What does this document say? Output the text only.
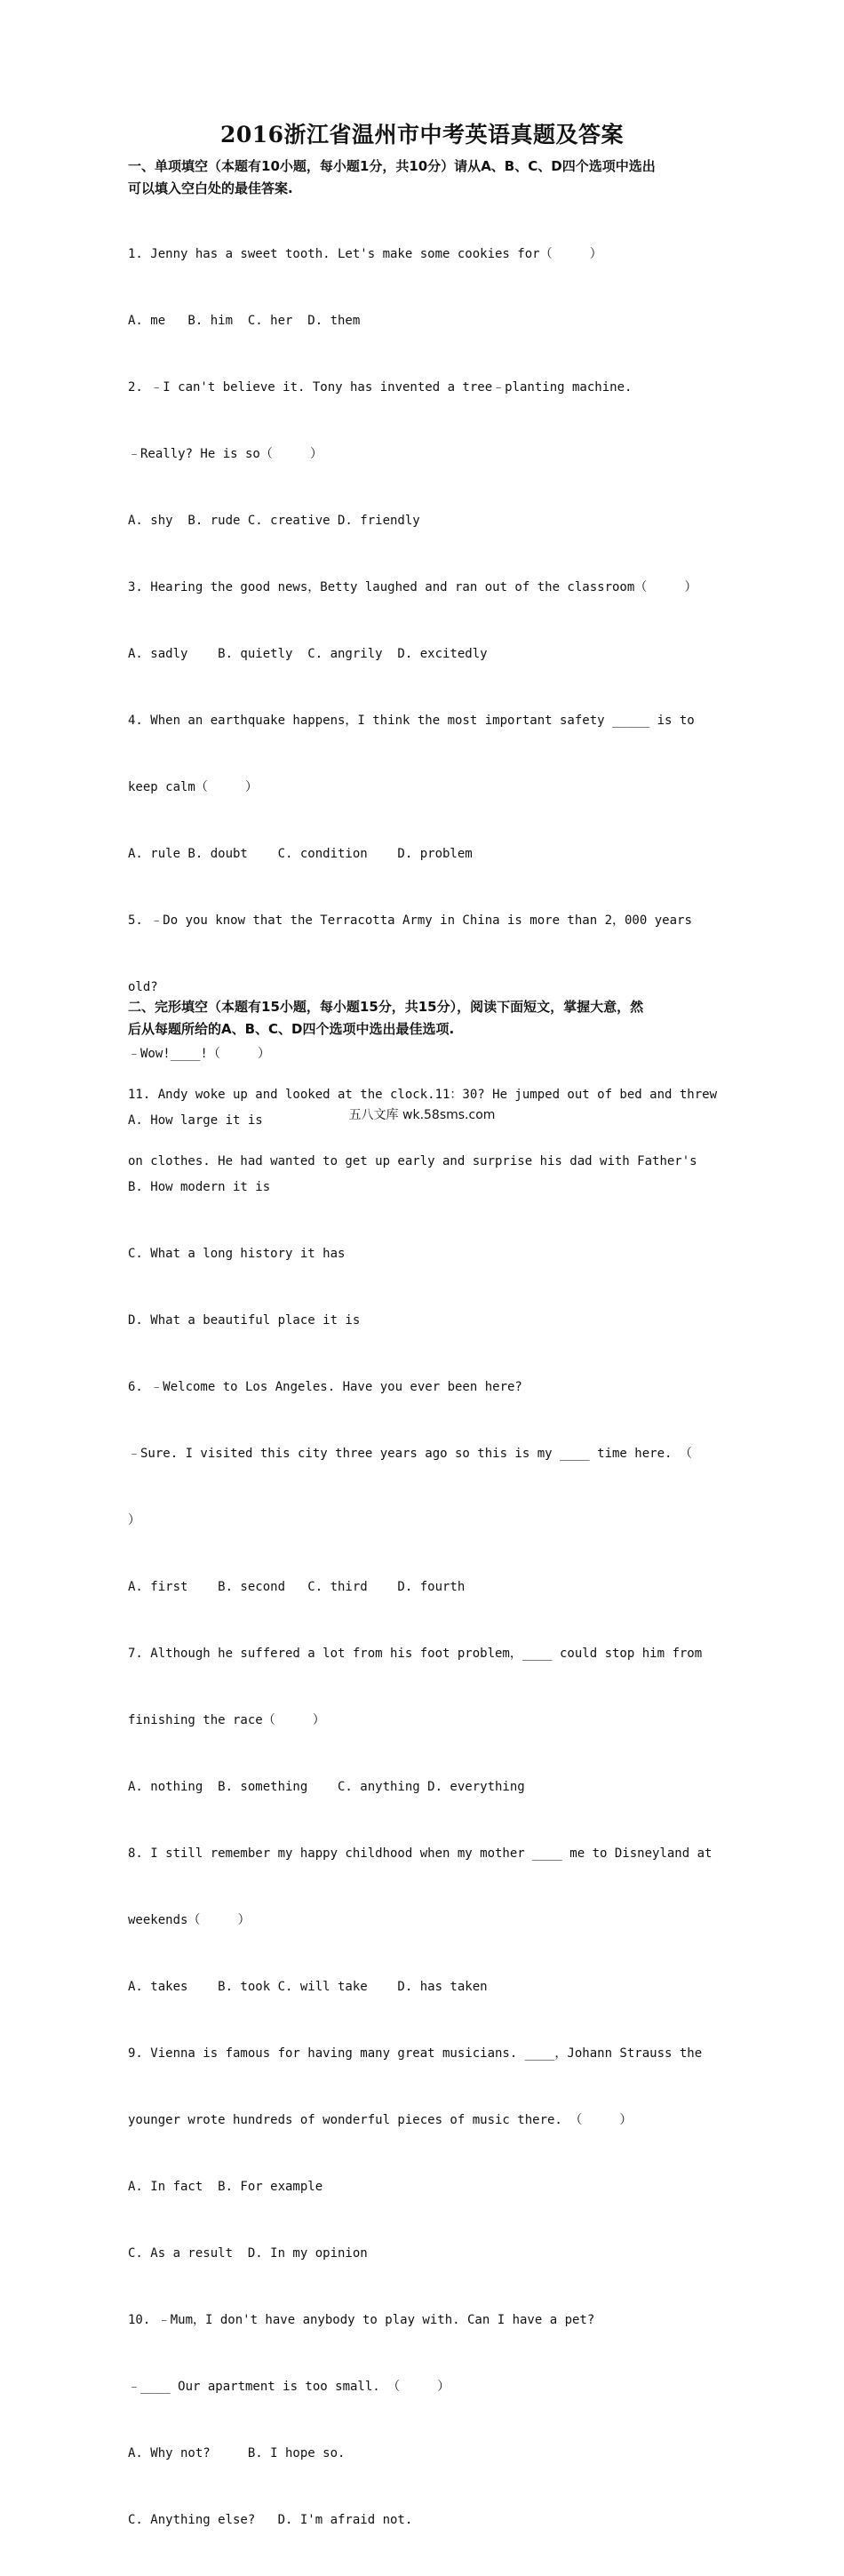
2016浙江省温州市中考英语真题及答案
一、单项填空（本题有10小题，每小题1分，共10分）请从A、B、C、D四个选项中选出
可以填入空白处的最佳答案.

1. Jenny has a sweet tooth. Let's make some cookies for（     ）

A. me   B. him  C. her  D. them

2. ﹣I can't believe it. Tony has invented a tree﹣planting machine.

﹣Really? He is so（     ）

A. shy  B. rude C. creative D. friendly

3. Hearing the good news，Betty laughed and ran out of the classroom（     ）

A. sadly    B. quietly  C. angrily  D. excitedly

4. When an earthquake happens，I think the most important safety _____ is to

keep calm（     ）

A. rule B. doubt    C. condition    D. problem

5. ﹣Do you know that the Terracotta Army in China is more than 2，000 years

old?

﹣Wow!____!（     ）

A. How large it is

B. How modern it is

C. What a long history it has

D. What a beautiful place it is

6. ﹣Welcome to Los Angeles. Have you ever been here?

﹣Sure. I visited this city three years ago so this is my ____ time here. （

）

A. first    B. second   C. third    D. fourth

7. Although he suffered a lot from his foot problem，____ could stop him from

finishing the race（     ）

A. nothing  B. something    C. anything D. everything

8. I still remember my happy childhood when my mother ____ me to Disneyland at

weekends（     ）

A. takes    B. took C. will take    D. has taken

9. Vienna is famous for having many great musicians. ____，Johann Strauss the

younger wrote hundreds of wonderful pieces of music there. （     ）

A. In fact  B. For example

C. As a result  D. In my opinion

10. ﹣Mum，I don't have anybody to play with. Can I have a pet?

﹣____ Our apartment is too small. （     ）

A. Why not?     B. I hope so.

C. Anything else?   D. I'm afraid not.

二、完形填空（本题有15小题，每小题15分，共15分），阅读下面短文，掌握大意，然
后从每题所给的A、B、C、D四个选项中选出最佳选项.

11. Andy woke up and looked at the clock.11：30? He jumped out of bed and threw

on clothes. He had wanted to get up early and surprise his dad with Father's

五八文库 wk.58sms.com
